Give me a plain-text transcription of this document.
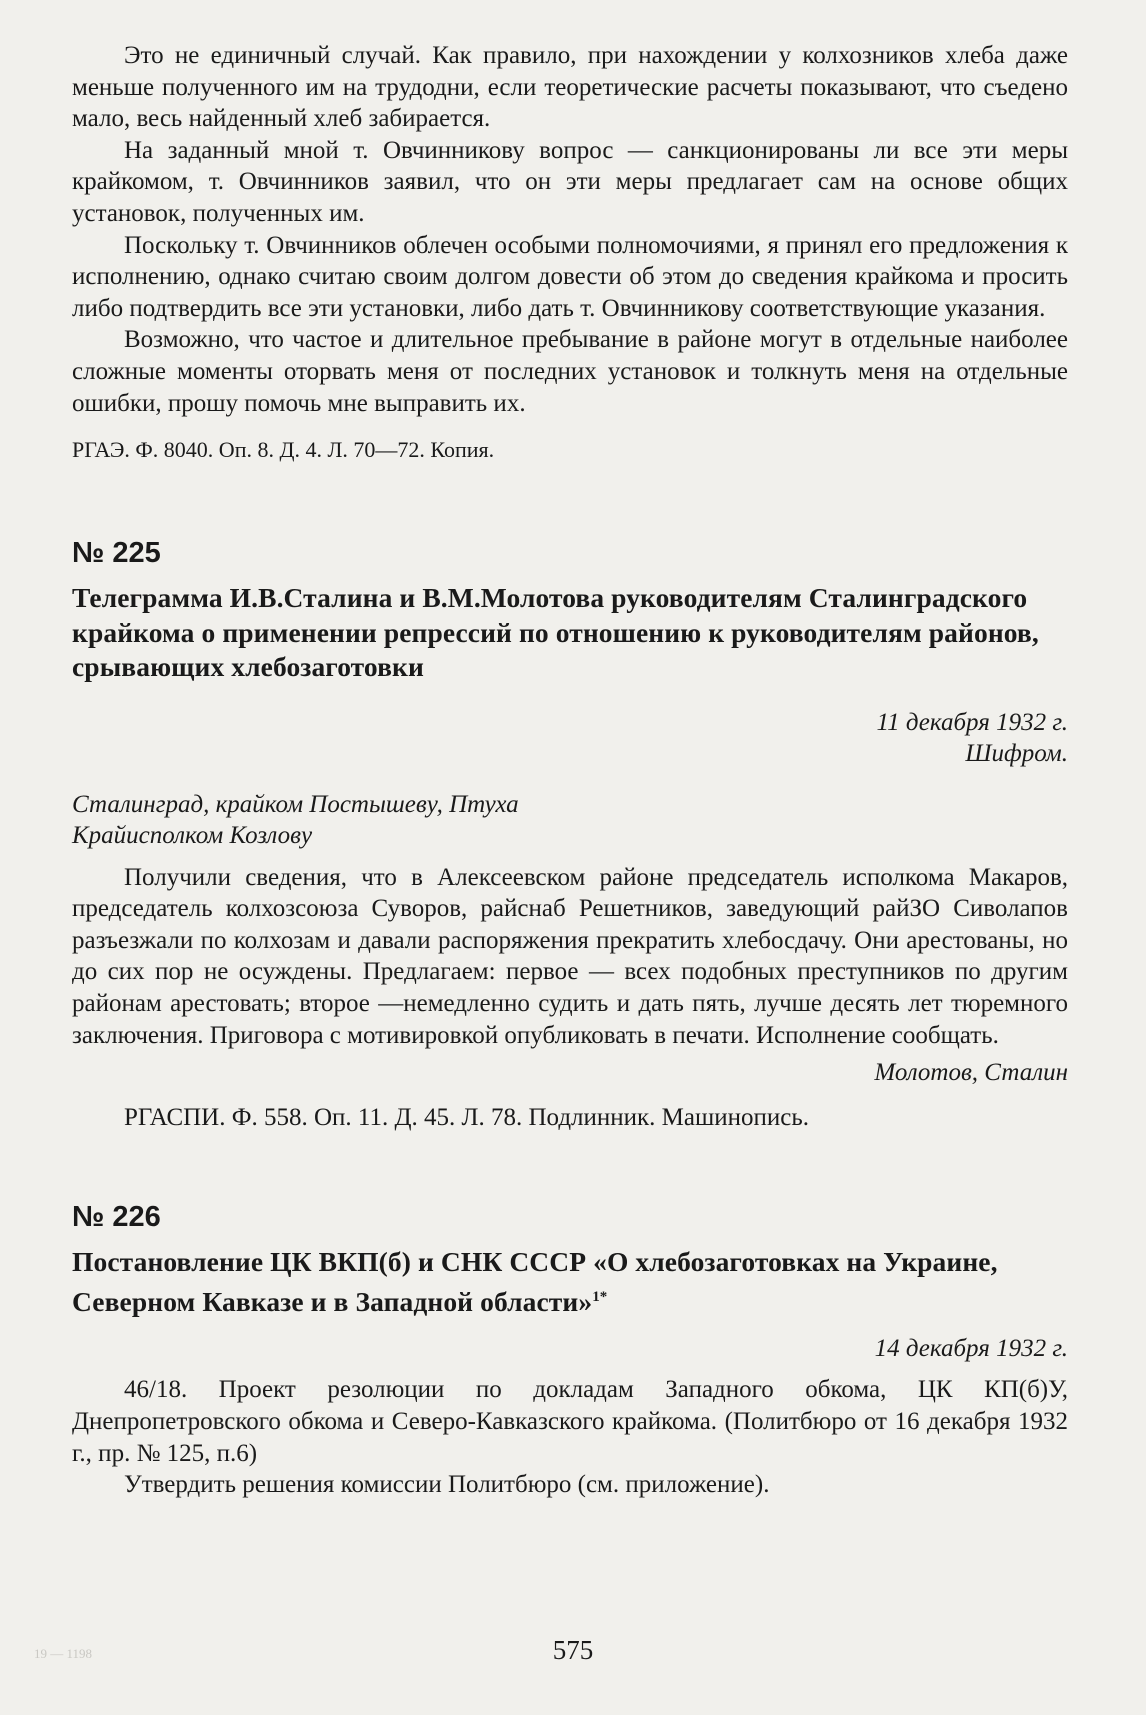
Это не единичный случай. Как правило, при нахождении у колхозников хлеба даже меньше полученного им на трудодни, если теоретические расчеты показывают, что съедено мало, весь найденный хлеб забирается.

На заданный мной т. Овчинникову вопрос — санкционированы ли все эти меры крайкомом, т. Овчинников заявил, что он эти меры предлагает сам на основе общих установок, полученных им.

Поскольку т. Овчинников облечен особыми полномочиями, я принял его предложения к исполнению, однако считаю своим долгом довести об этом до сведения крайкома и просить либо подтвердить все эти установки, либо дать т. Овчинникову соответствующие указания.

Возможно, что частое и длительное пребывание в районе могут в отдельные наиболее сложные моменты оторвать меня от последних установок и толкнуть меня на отдельные ошибки, прошу помочь мне выправить их.

РГАЭ. Ф. 8040. Оп. 8. Д. 4. Л. 70—72. Копия.

№ 225
Телеграмма И.В.Сталина и В.М.Молотова руководителям Сталинградского крайкома о применении репрессий по отношению к руководителям районов, срывающих хлебозаготовки
11 декабря 1932 г.
Шифром.
Сталинград, крайком Постышеву, Птуха
Крайисполком Козлову

Получили сведения, что в Алексеевском районе председатель исполкома Макаров, председатель колхозсоюза Суворов, райснаб Решетников, заведующий райЗО Сиволапов разъезжали по колхозам и давали распоряжения прекратить хлебосдачу. Они арестованы, но до сих пор не осуждены. Предлагаем: первое — всех подобных преступников по другим районам арестовать; второе —немедленно судить и дать пять, лучше десять лет тюремного заключения. Приговора с мотивировкой опубликовать в печати. Исполнение сообщать.

Молотов, Сталин

РГАСПИ. Ф. 558. Оп. 11. Д. 45. Л. 78. Подлинник. Машинопись.

№ 226
Постановление ЦК ВКП(б) и СНК СССР «О хлебозаготовках на Украине, Северном Кавказе и в Западной области»$^{1*}$
14 декабря 1932 г.

46/18. Проект резолюции по докладам Западного обкома, ЦК КП(б)У, Днепропетровского обкома и Северо-Кавказского крайкома. (Политбюро от 16 декабря 1932 г., пр. № 125, п.6)

Утвердить решения комиссии Политбюро (см. приложение).

19 — 1198	575
